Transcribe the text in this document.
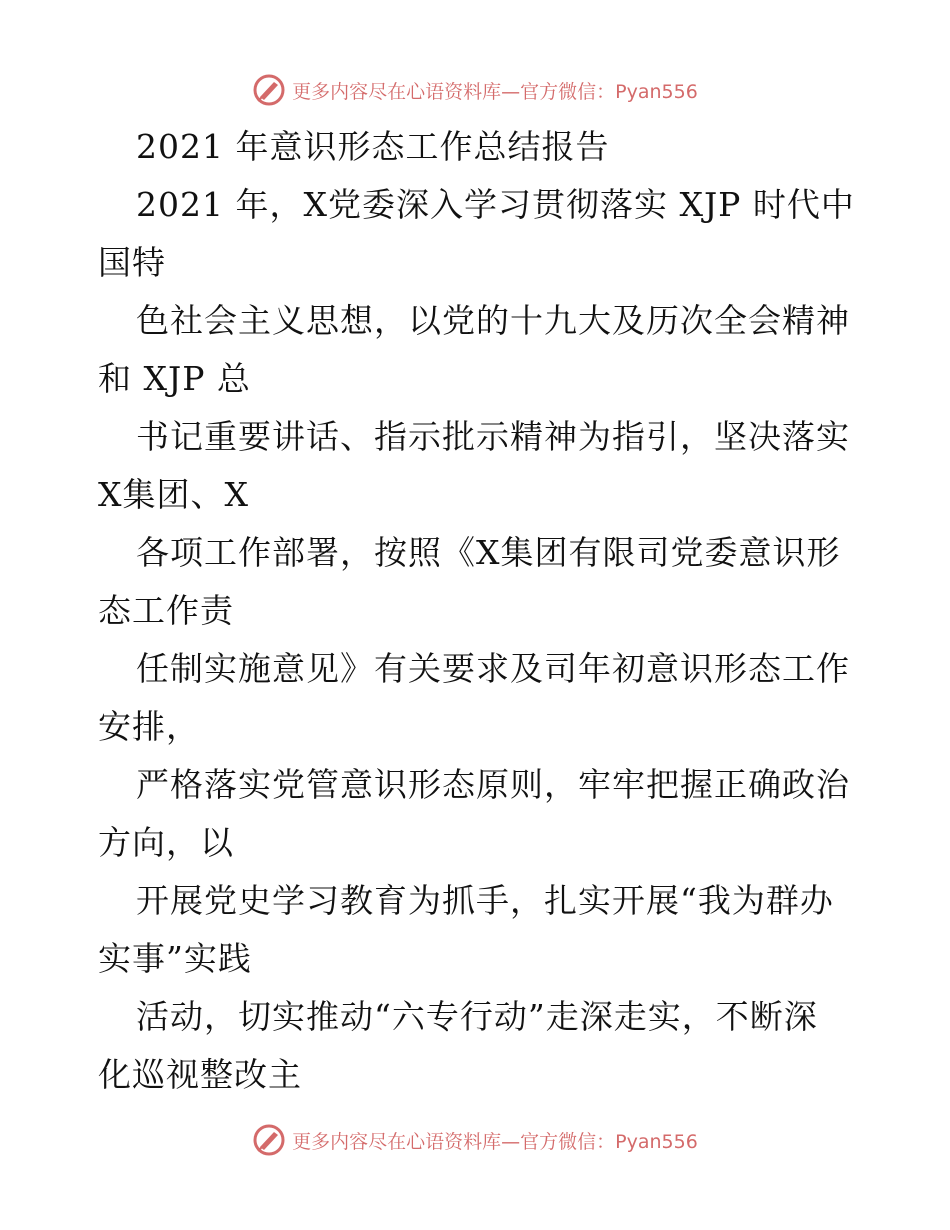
更多内容尽在心语资料库—官方微信：Pyan556
2021 年意识形态工作总结报告
2021 年，X党委深入学习贯彻落实 XJP 时代中
国特
色社会主义思想，以党的十九大及历次全会精神
和 XJP 总
书记重要讲话、指示批示精神为指引，坚决落实
X集团、X
各项工作部署，按照《X集团有限司党委意识形
态工作责
任制实施意见》有关要求及司年初意识形态工作
安排，
严格落实党管意识形态原则，牢牢把握正确政治
方向，以
开展党史学习教育为抓手，扎实开展“我为群办
实事”实践
活动，切实推动“六专行动”走深走实，不断深
化巡视整改主
更多内容尽在心语资料库—官方微信：Pyan556
